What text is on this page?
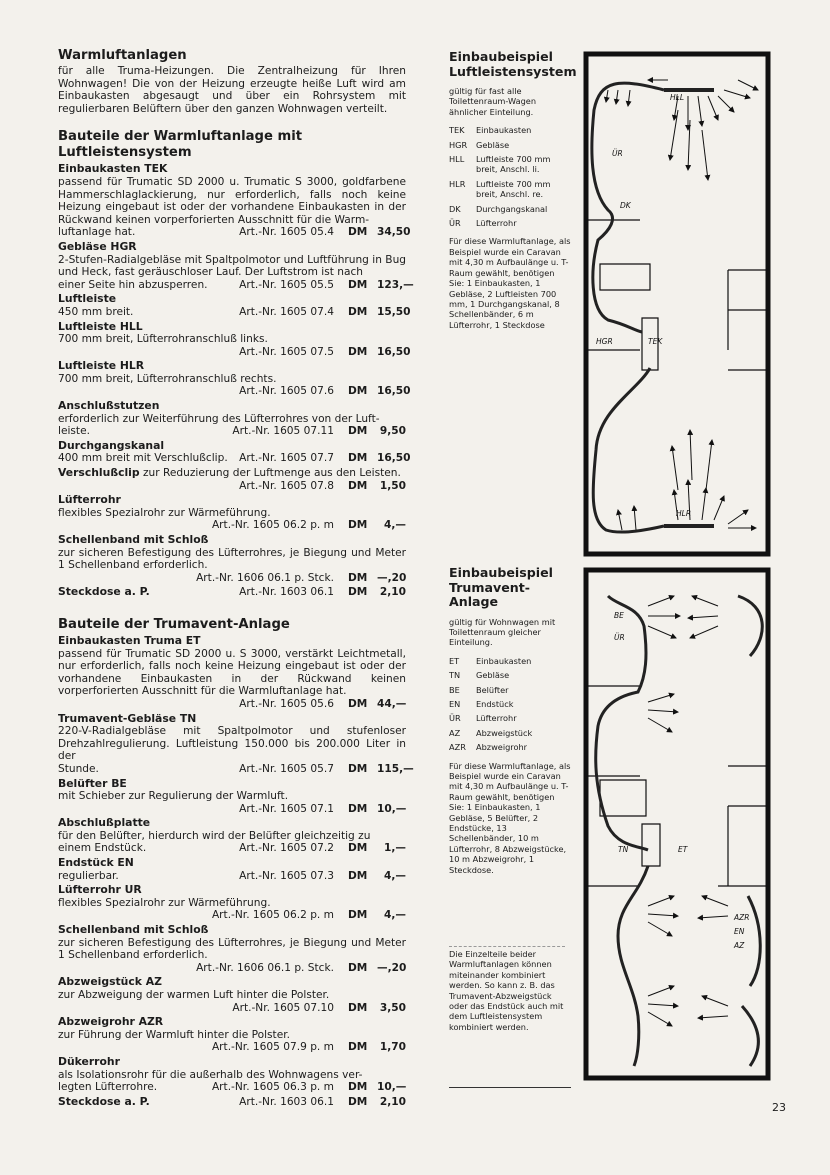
Warmluftanlagen
für alle Truma-Heizungen. Die Zentralheizung für Ihren Wohnwagen! Die von der Heizung erzeugte heiße Luft wird am Einbaukasten abgesaugt und über ein Rohrsystem mit regulierbaren Belüftern über den ganzen Wohnwagen verteilt.
Bauteile der Warmluftanlage mit Luftleistensystem
Einbaukasten TEK
passend für Trumatic SD 2000 u. Trumatic S 3000, goldfarbene Hammerschlaglackierung, nur erforderlich, falls noch keine Heizung eingebaut ist oder der vorhandene Einbaukasten in der Rückwand keinen vorperforierten Ausschnitt für die Warm-
luftanlage hat.	Art.-Nr. 1605 05.4 DM 34,50
Gebläse HGR
2-Stufen-Radialgebläse mit Spaltpolmotor und Luftführung in Bug und Heck, fast geräuschloser Lauf. Der Luftstrom ist nach
einer Seite hin abzusperren.	Art.-Nr. 1605 05.5 DM 123,—
Luftleiste
450 mm breit.	Art.-Nr. 1605 07.4 DM 15,50
Luftleiste HLL
700 mm breit, Lüfterrohranschluß links.
Art.-Nr. 1605 07.5 DM 16,50
Luftleiste HLR
700 mm breit, Lüfterrohranschluß rechts.
Art.-Nr. 1605 07.6 DM 16,50
Anschlußstutzen
erforderlich zur Weiterführung des Lüfterrohres von der Luft-
leiste.	Art.-Nr. 1605 07.11 DM	9,50
Durchgangskanal
400 mm breit mit Verschlußclip. Art.-Nr. 1605 07.7 DM 16,50
Verschlußclip zur Reduzierung der Luftmenge aus den Leisten.
Art.-Nr. 1605 07.8 DM	1,50
Lüfterrohr
flexibles Spezialrohr zur Wärmeführung.
Art.-Nr. 1605 06.2 p. m DM	4,—
Schellenband mit Schloß
zur sicheren Befestigung des Lüfterrohres, je Biegung und Meter 1 Schellenband erforderlich.
Art.-Nr. 1606 06.1 p. Stck. DM —,20
Steckdose a. P.	Art.-Nr. 1603 06.1 DM	2,10
Bauteile der Trumavent-Anlage
Einbaukasten Truma ET
passend für Trumatic SD 2000 u. S 3000, verstärkt Leichtmetall, nur erforderlich, falls noch keine Heizung eingebaut ist oder der vorhandene Einbaukasten in der Rückwand keinen vorperforierten Ausschnitt für die Warmluftanlage hat.
Art.-Nr. 1605 05.6 DM 44,—
Trumavent-Gebläse TN
220-V-Radialgebläse mit Spaltpolmotor und stufenloser Drehzahlregulierung. Luftleistung 150.000 bis 200.000 Liter in der
Stunde.	Art.-Nr. 1605 05.7 DM 115,—
Belüfter BE
mit Schieber zur Regulierung der Warmluft.
Art.-Nr. 1605 07.1 DM 10,—
Abschlußplatte
für den Belüfter, hierdurch wird der Belüfter gleichzeitig zu
einem Endstück.	Art.-Nr. 1605 07.2 DM	1,—
Endstück EN
regulierbar.	Art.-Nr. 1605 07.3 DM	4,—
Lüfterrohr UR
flexibles Spezialrohr zur Wärmeführung.
Art.-Nr. 1605 06.2 p. m DM	4,—
Schellenband mit Schloß
zur sicheren Befestigung des Lüfterrohres, je Biegung und Meter 1 Schellenband erforderlich.
Art.-Nr. 1606 06.1 p. Stck. DM —,20
Abzweigstück AZ
zur Abzweigung der warmen Luft hinter die Polster.
Art.-Nr. 1605 07.10 DM	3,50
Abzweigrohr AZR
zur Führung der Warmluft hinter die Polster.
Art.-Nr. 1605 07.9 p. m DM	1,70
Dükerrohr
als Isolationsrohr für die außerhalb des Wohnwagens ver-
legten Lüfterrohre.	Art.-Nr. 1605 06.3 p. m DM 10,—
Steckdose a. P.	Art.-Nr. 1603 06.1 DM	2,10
Einbaubeispiel
Luftleistensystem
gültig für fast alle Toilettenraum-Wagen ähnlicher Einteilung.
TEK	Einbaukasten
HGR	Gebläse
HLL	Luftleiste 700 mm breit, Anschl. li.
HLR	Luftleiste 700 mm breit, Anschl. re.
DK	Durchgangskanal
ÜR	Lüfterrohr
Für diese Warmluftanlage, als Beispiel wurde ein Caravan mit 4,30 m Aufbaulänge u. T-Raum gewählt, benötigen Sie: 1 Einbaukasten, 1 Gebläse, 2 Luftleisten 700 mm, 1 Durchgangskanal, 8 Schellenbänder, 6 m Lüfterrohr, 1 Steckdose
Einbaubeispiel
Trumavent-
Anlage
gültig für Wohnwagen mit Toilettenraum gleicher Einteilung.
ET	Einbaukasten
TN	Gebläse
BE	Belüfter
EN	Endstück
ÜR	Lüfterrohr
AZ	Abzweigstück
AZR	Abzweigrohr
Für diese Warmluftanlage, als Beispiel wurde ein Caravan mit 4,30 m Aufbaulänge u. T-Raum gewählt, benötigen Sie: 1 Einbaukasten, 1 Gebläse, 5 Belüfter, 2 Endstücke, 13 Schellenbänder, 10 m Lüfterrohr, 8 Abzweigstücke, 10 m Abzweigrohr, 1 Steckdose.
Die Einzelteile beider Warmluftanlagen können miteinander kombiniert werden. So kann z. B. das Trumavent-Abzweigstück oder das Endstück auch mit dem Luftleistensystem kombiniert werden.
HLL
ÜR
DK
HGR	TEK
HLR
BE
ÜR
TN	ET
AZR
EN
AZ
23
